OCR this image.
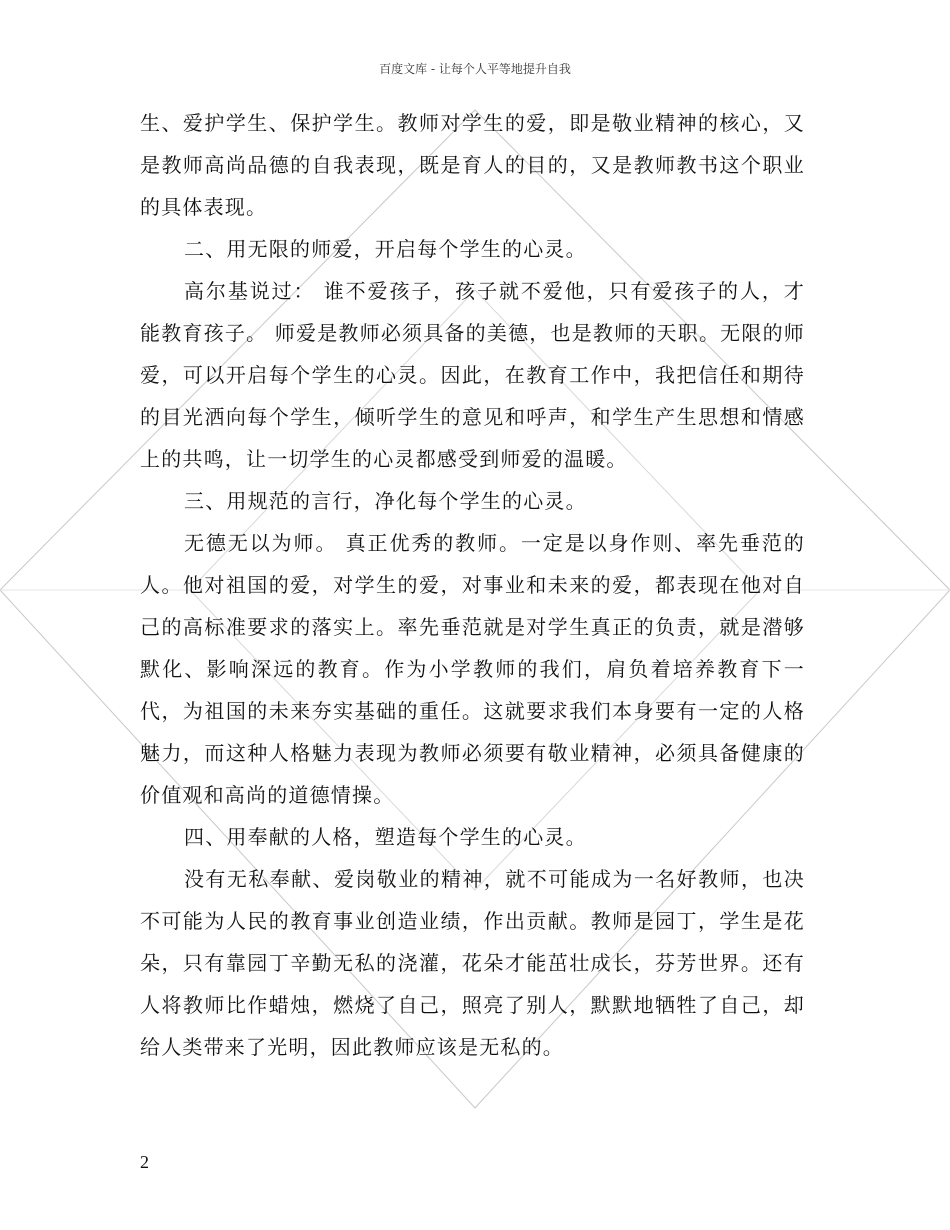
百度文库 - 让每个人平等地提升自我

生、爱护学生、保护学生。教师对学生的爱，即是敬业精神的核心，又是教师高尚品德的自我表现，既是育人的目的，又是教师教书这个职业的具体表现。

二、用无限的师爱，开启每个学生的心灵。

高尔基说过： 谁不爱孩子，孩子就不爱他，只有爱孩子的人，才能教育孩子。 师爱是教师必须具备的美德，也是教师的天职。无限的师爱，可以开启每个学生的心灵。因此，在教育工作中，我把信任和期待的目光洒向每个学生，倾听学生的意见和呼声，和学生产生思想和情感上的共鸣，让一切学生的心灵都感受到师爱的温暖。

三、用规范的言行，净化每个学生的心灵。

无德无以为师。 真正优秀的教师。一定是以身作则、率先垂范的人。他对祖国的爱，对学生的爱，对事业和未来的爱，都表现在他对自己的高标准要求的落实上。率先垂范就是对学生真正的负责，就是潜够默化、影响深远的教育。作为小学教师的我们，肩负着培养教育下一代，为祖国的未来夯实基础的重任。这就要求我们本身要有一定的人格魅力，而这种人格魅力表现为教师必须要有敬业精神，必须具备健康的价值观和高尚的道德情操。

四、用奉献的人格，塑造每个学生的心灵。

没有无私奉献、爱岗敬业的精神，就不可能成为一名好教师，也决不可能为人民的教育事业创造业绩，作出贡献。教师是园丁，学生是花朵，只有靠园丁辛勤无私的浇灌，花朵才能茁壮成长，芬芳世界。还有人将教师比作蜡烛，燃烧了自己，照亮了别人，默默地牺牲了自己，却给人类带来了光明，因此教师应该是无私的。

2
